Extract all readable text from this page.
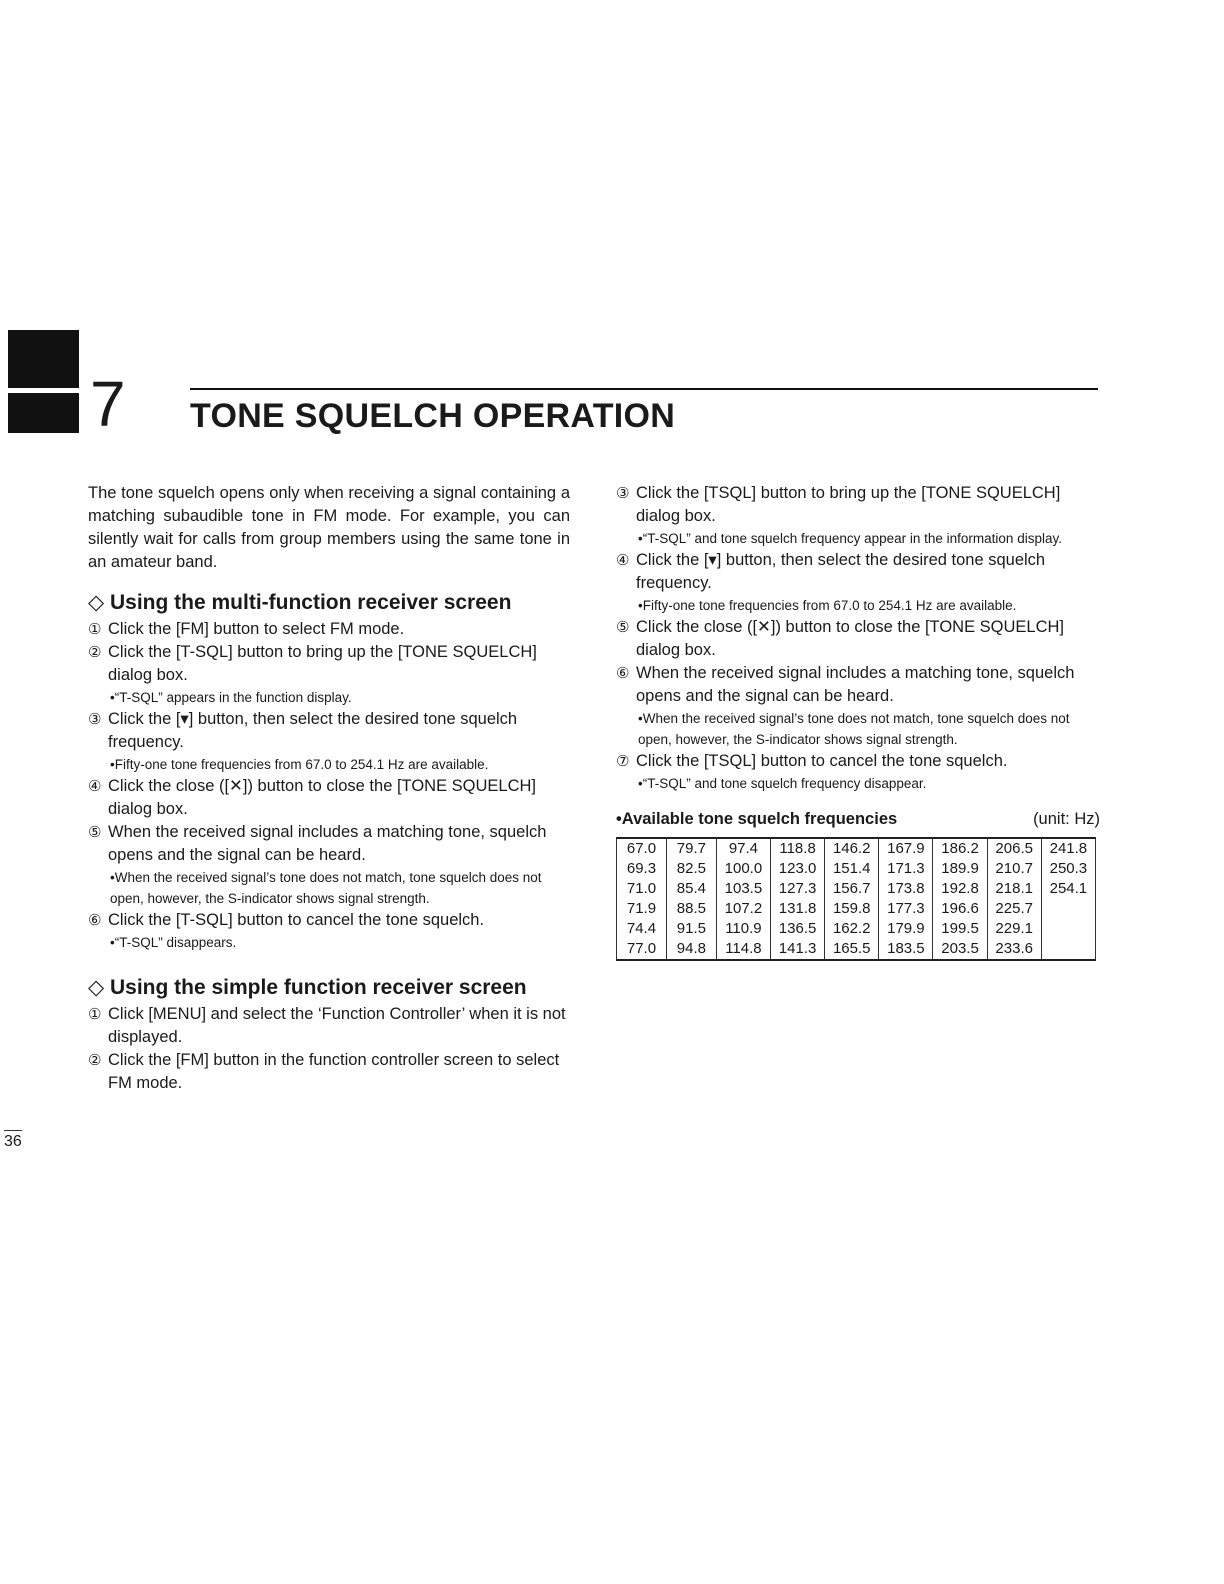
7 TONE SQUELCH OPERATION

The tone squelch opens only when receiving a signal containing a matching subaudible tone in FM mode. For example, you can silently wait for calls from group members using the same tone in an amateur band.

◇ Using the multi-function receiver screen
① Click the [FM] button to select FM mode.
② Click the [T-SQL] button to bring up the [TONE SQUELCH] dialog box.
•“T-SQL” appears in the function display.
③ Click the [▾] button, then select the desired tone squelch frequency.
•Fifty-one tone frequencies from 67.0 to 254.1 Hz are available.
④ Click the close ([✕]) button to close the [TONE SQUELCH] dialog box.
⑤ When the received signal includes a matching tone, squelch opens and the signal can be heard.
•When the received signal’s tone does not match, tone squelch does not open, however, the S-indicator shows signal strength.
⑥ Click the [T-SQL] button to cancel the tone squelch.
•“T-SQL” disappears.
◇ Using the simple function receiver screen
① Click [MENU] and select the ‘Function Controller’ when it is not displayed.
② Click the [FM] button in the function controller screen to select FM mode.
③ Click the [TSQL] button to bring up the [TONE SQUELCH] dialog box.
•“T-SQL” and tone squelch frequency appear in the information display.
④ Click the [▾] button, then select the desired tone squelch frequency.
•Fifty-one tone frequencies from 67.0 to 254.1 Hz are available.
⑤ Click the close ([✕]) button to close the [TONE SQUELCH] dialog box.
⑥ When the received signal includes a matching tone, squelch opens and the signal can be heard.
•When the received signal’s tone does not match, tone squelch does not open, however, the S-indicator shows signal strength.
⑦ Click the [TSQL] button to cancel the tone squelch.
•“T-SQL” and tone squelch frequency disappear.
•Available tone squelch frequencies	(unit: Hz)
67.0	79.7	97.4	118.8	146.2	167.9	186.2	206.5	241.8
69.3	82.5	100.0	123.0	151.4	171.3	189.9	210.7	250.3
71.0	85.4	103.5	127.3	156.7	173.8	192.8	218.1	254.1
71.9	88.5	107.2	131.8	159.8	177.3	196.6	225.7	
74.4	91.5	110.9	136.5	162.2	179.9	199.5	229.1	
77.0	94.8	114.8	141.3	165.5	183.5	203.5	233.6	
36
